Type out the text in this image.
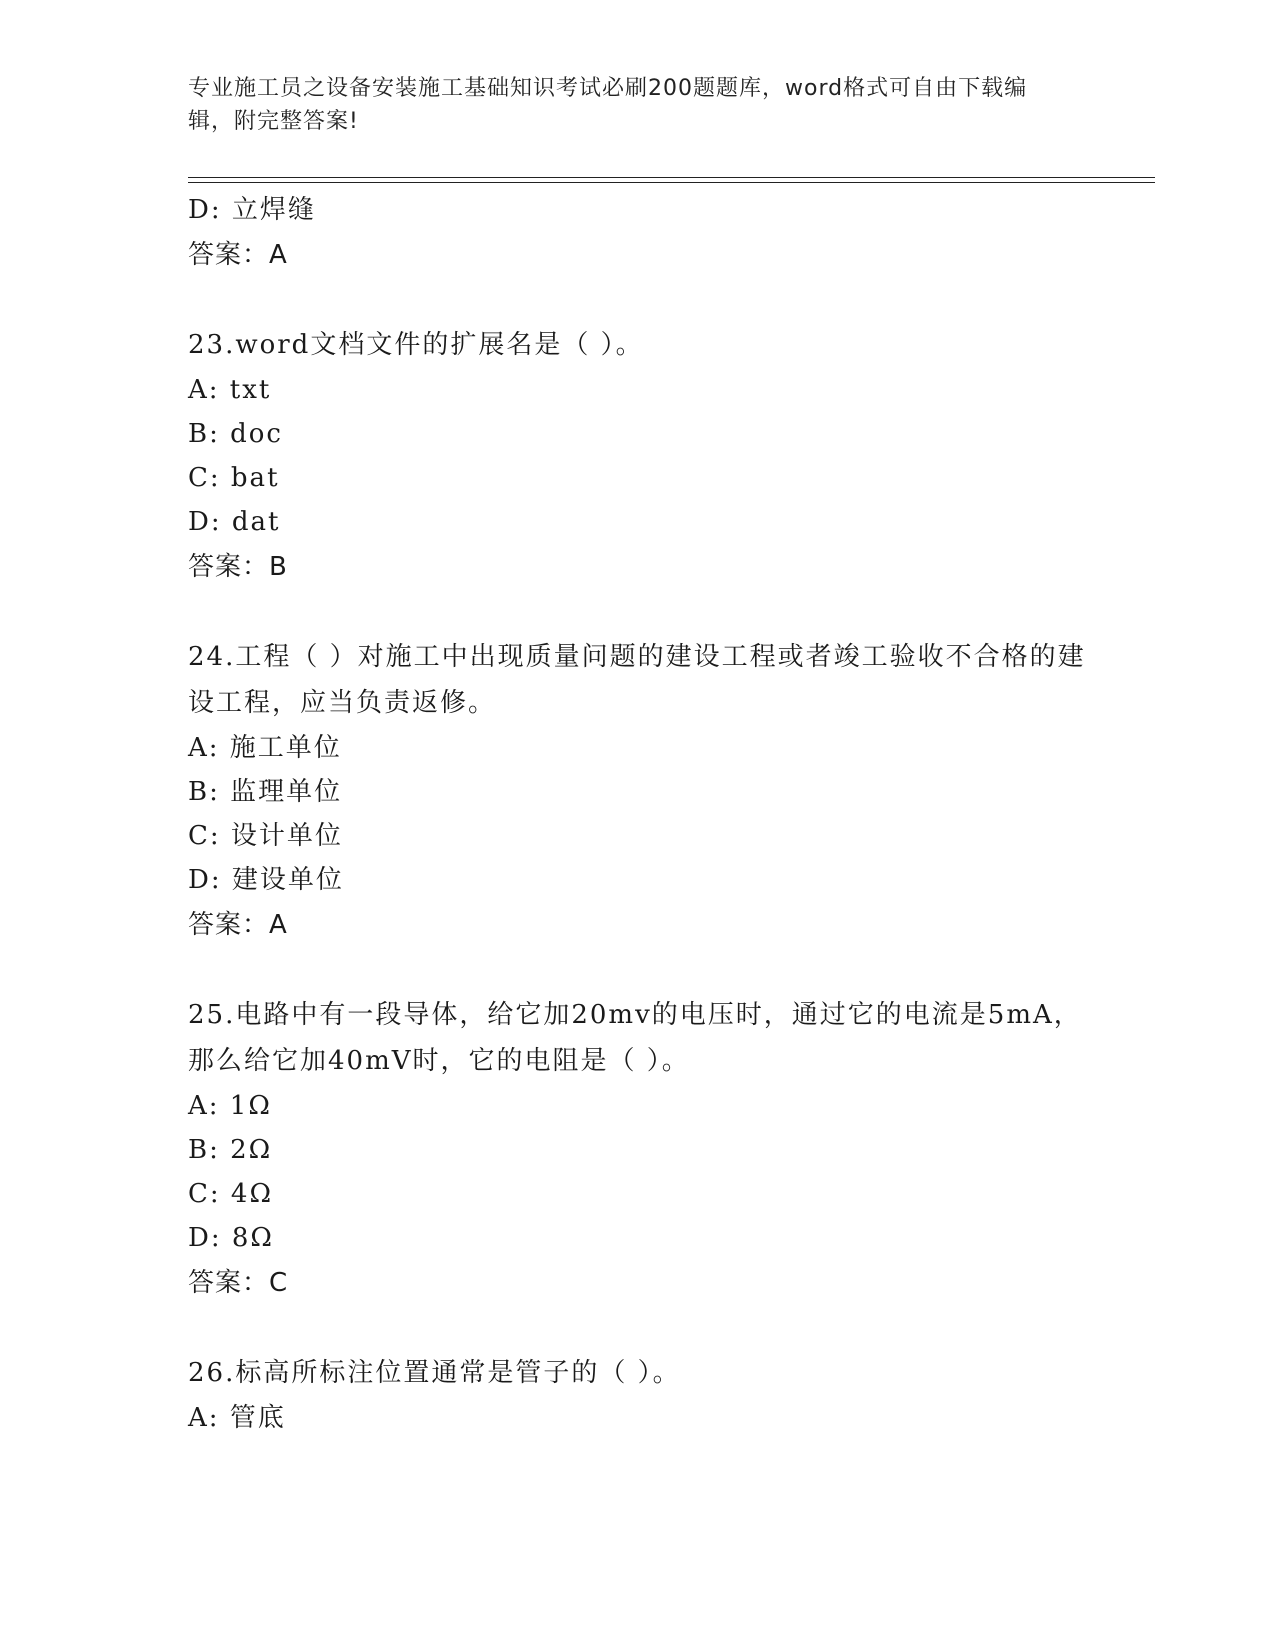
专业施工员之设备安装施工基础知识考试必刷200题题库，word格式可自由下载编辑，附完整答案!

D: 立焊缝

答案：A

23.word文档文件的扩展名是（ ）。

A: txt

B: doc

C: bat

D: dat

答案：B

24.工程（ ）对施工中出现质量问题的建设工程或者竣工验收不合格的建设工程，应当负责返修。

A: 施工单位

B: 监理单位

C: 设计单位

D: 建设单位

答案：A

25.电路中有一段导体，给它加20mv的电压时，通过它的电流是5mA，那么给它加40mV时，它的电阻是（ ）。

A: 1Ω

B: 2Ω

C: 4Ω

D: 8Ω

答案：C

26.标高所标注位置通常是管子的（ ）。

A: 管底
